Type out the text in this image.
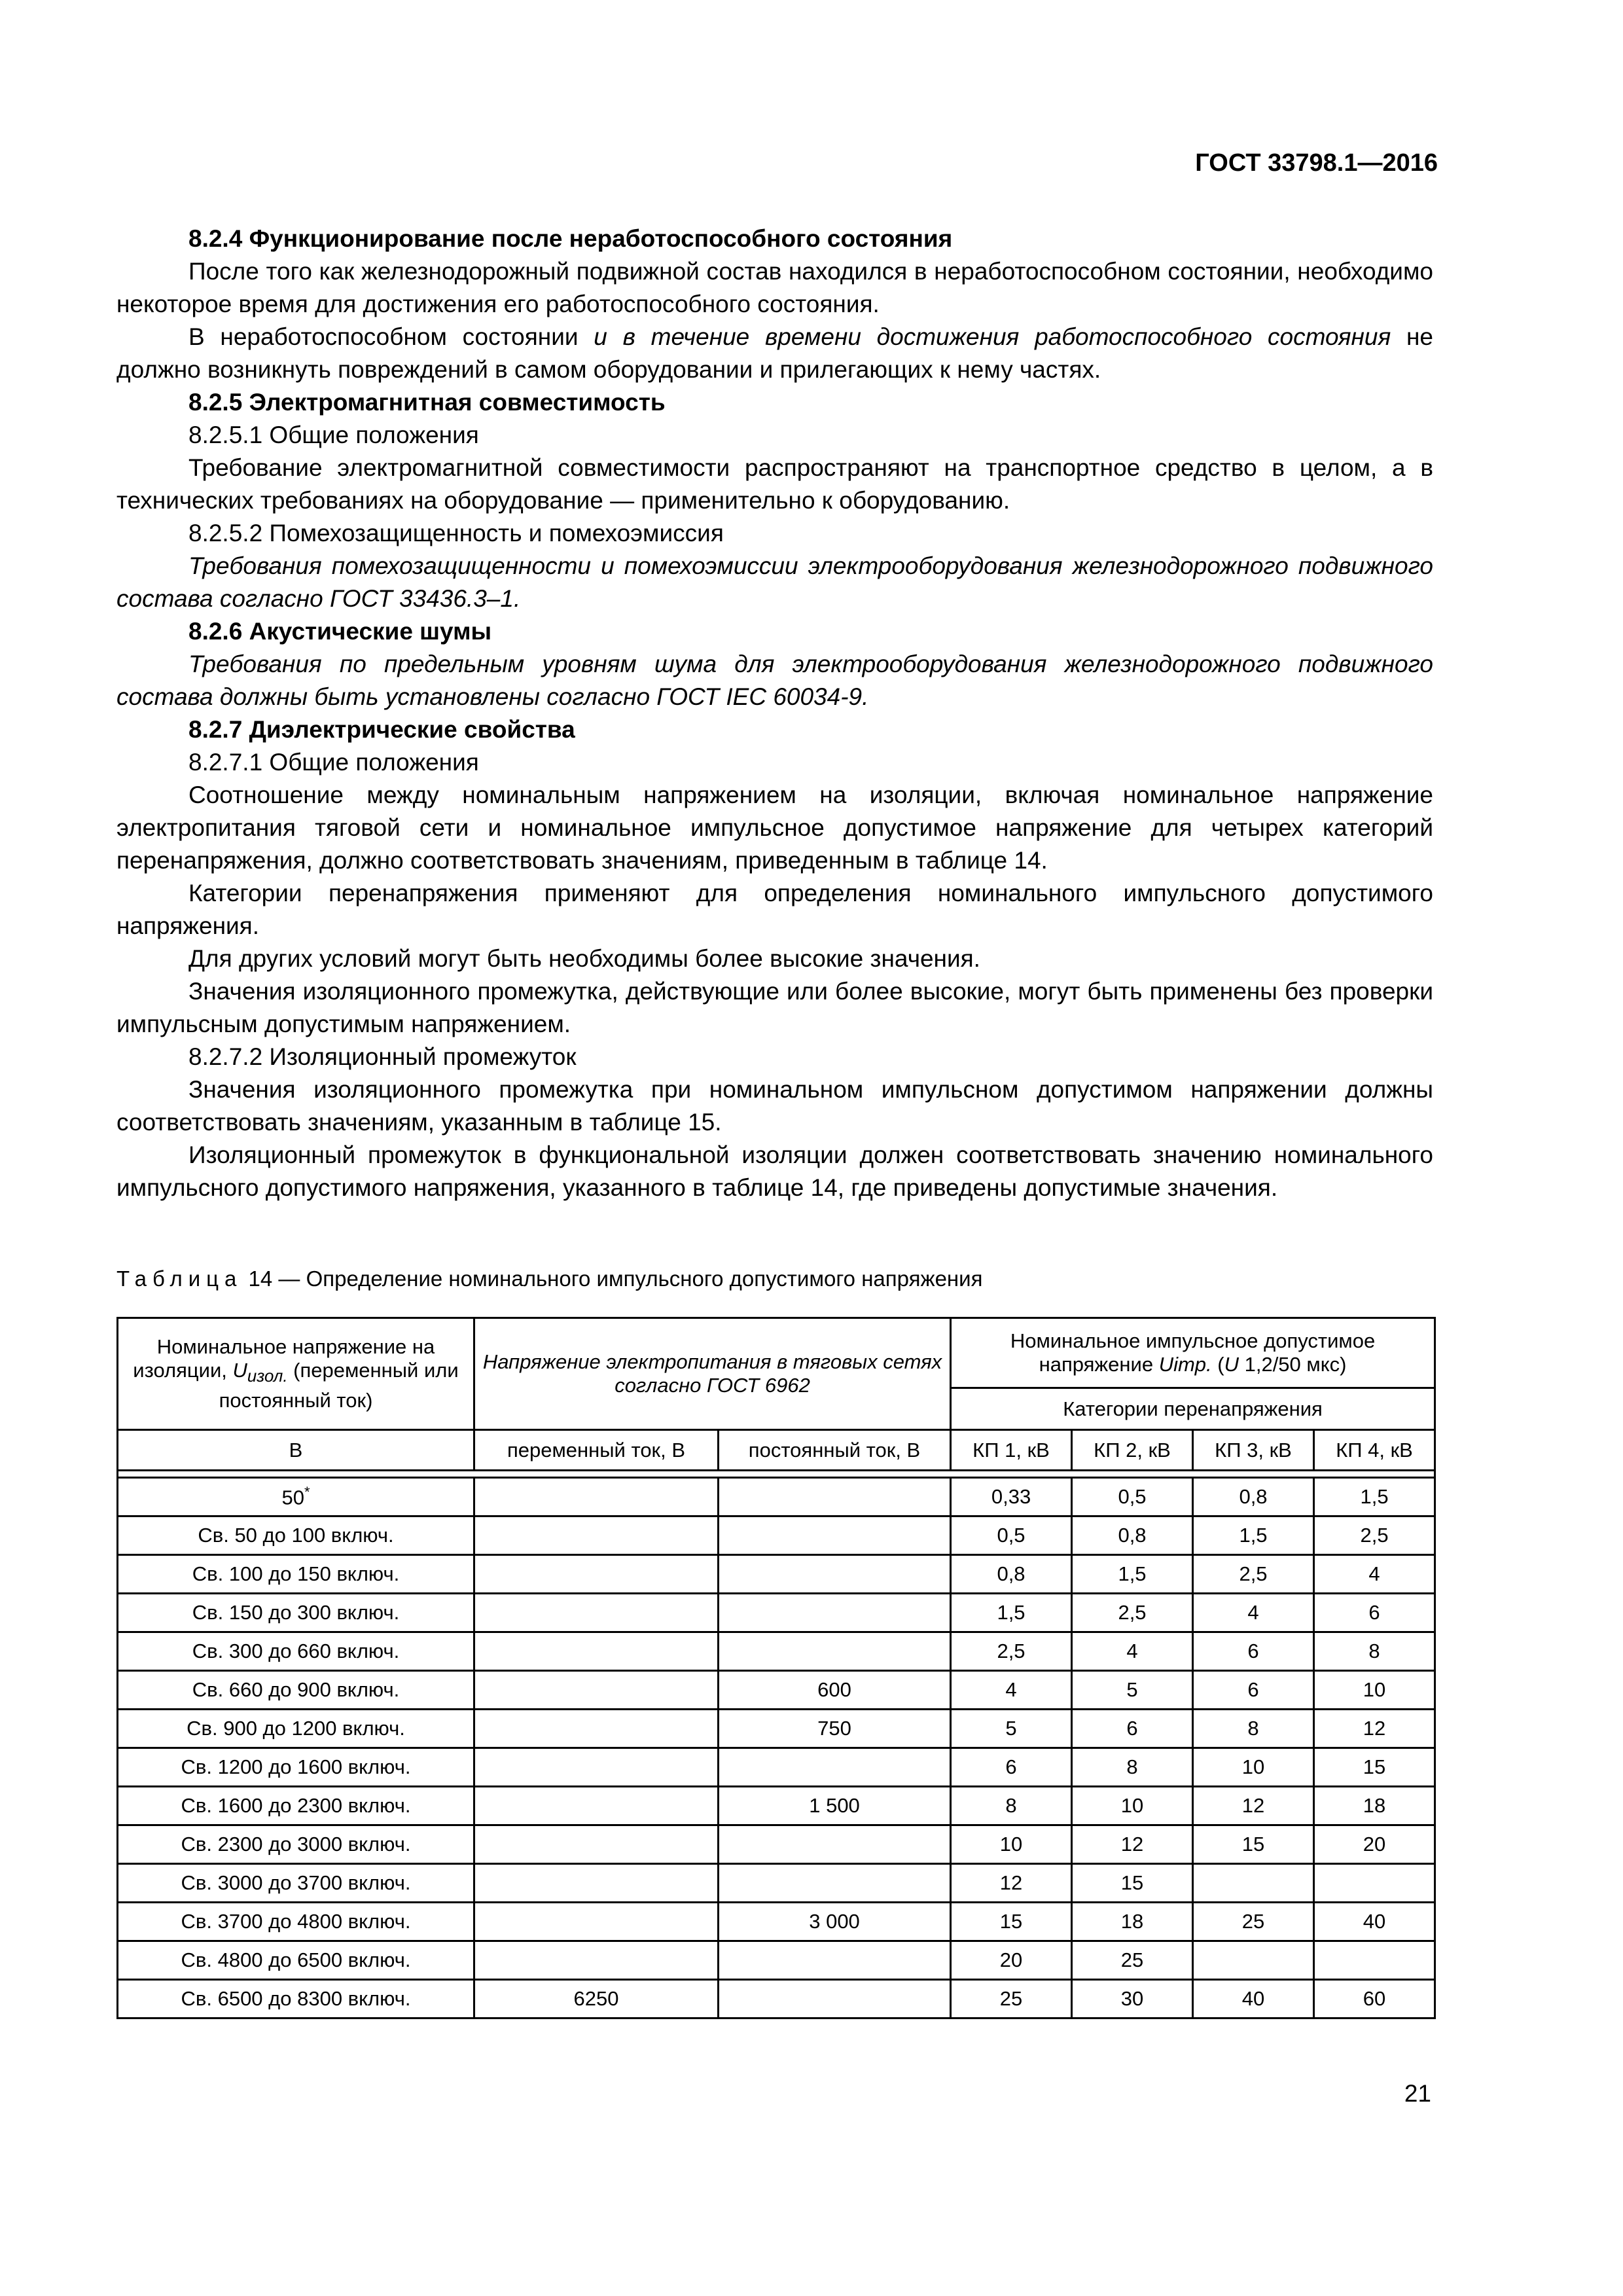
ГОСТ 33798.1—2016

8.2.4 Функционирование после неработоспособного состояния

После того как железнодорожный подвижной состав находился в неработоспособном состоянии, необходимо некоторое время для достижения его работоспособного состояния.

В неработоспособном состоянии и в течение времени достижения работоспособного состояния не должно возникнуть повреждений в самом оборудовании и прилегающих к нему частях.

8.2.5 Электромагнитная совместимость

8.2.5.1 Общие положения

Требование электромагнитной совместимости распространяют на транспортное средство в целом, а в технических требованиях на оборудование — применительно к оборудованию.

8.2.5.2 Помехозащищенность и помехоэмиссия

Требования помехозащищенности и помехоэмиссии электрооборудования железнодорожного подвижного состава согласно ГОСТ 33436.3–1.

8.2.6 Акустические шумы

Требования по предельным уровням шума для электрооборудования железнодорожного подвижного состава должны быть установлены согласно ГОСТ IEC 60034-9.

8.2.7 Диэлектрические свойства

8.2.7.1 Общие положения

Соотношение между номинальным напряжением на изоляции, включая номинальное напряжение электропитания тяговой сети и номинальное импульсное допустимое напряжение для четырех категорий перенапряжения, должно соответствовать значениям, приведенным в таблице 14.

Категории перенапряжения применяют для определения номинального импульсного допустимого напряжения.

Для других условий могут быть необходимы более высокие значения.

Значения изоляционного промежутка, действующие или более высокие, могут быть применены без проверки импульсным допустимым напряжением.

8.2.7.2 Изоляционный промежуток

Значения изоляционного промежутка при номинальном импульсном допустимом напряжении должны соответствовать значениям, указанным в таблице 15.

Изоляционный промежуток в функциональной изоляции должен соответствовать значению номинального импульсного допустимого напряжения, указанного в таблице 14, где приведены допустимые значения.

Таблица 14 — Определение номинального импульсного допустимого напряжения
Номинальное напряжение на изоляции, $U_{изол.}$ (переменный или постоянный ток)	Напряжение электропитания в тяговых сетях согласно ГОСТ 6962		Номинальное импульсное допустимое напряжение Uimp. (U 1,2/50 мкс)			
			Категории перенапряжения			
В	переменный ток, В	постоянный ток, В	КП 1, кВ	КП 2, кВ	КП 3, кВ	КП 4, кВ

50*			0,33	0,5	0,8	1,5
Св. 50 до 100 включ.			0,5	0,8	1,5	2,5
Св. 100 до 150 включ.			0,8	1,5	2,5	4
Св. 150 до 300 включ.			1,5	2,5	4	6
Св. 300 до 660 включ.			2,5	4	6	8
Св. 660 до 900 включ.		600	4	5	6	10
Св. 900 до 1200 включ.		750	5	6	8	12
Св. 1200 до 1600 включ.			6	8	10	15
Св. 1600 до 2300 включ.		1 500	8	10	12	18
Св. 2300 до 3000 включ.			10	12	15	20
Св. 3000 до 3700 включ.			12	15		
Св. 3700 до 4800 включ.		3 000	15	18	25	40
Св. 4800 до 6500 включ.			20	25		
Св. 6500 до 8300 включ.	6250		25	30	40	60
21
